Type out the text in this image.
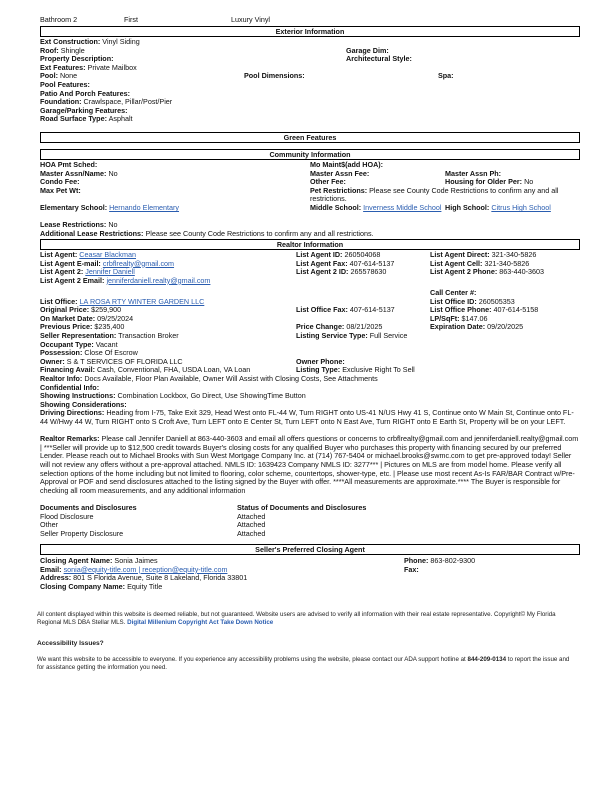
Bathroom 2	First	Luxury Vinyl
Exterior Information
Ext Construction: Vinyl Siding
Roof: Shingle	Garage Dim:
Property Description:	Architectural Style:
Ext Features: Private Mailbox
Pool: None	Pool Dimensions:	Spa:
Pool Features:
Patio And Porch Features:
Foundation: Crawlspace, Pillar/Post/Pier
Garage/Parking Features:
Road Surface Type: Asphalt
Green Features
Community Information
HOA Pmt Sched:	Mo Maint$(add HOA):
Master Assn/Name: No	Master Assn Fee:	Master Assn Ph:
Condo Fee:	Other Fee:	Housing for Older Per: No
Max Pet Wt:	Pet Restrictions: Please see County Code Restrictions to confirm any and all restrictions.
Elementary School: Hernando Elementary	Middle School: Inverness Middle School High School: Citrus High School
Lease Restrictions: No
Additional Lease Restrictions: Please see County Code Restrictions to confirm any and all restrictions.
Realtor Information
List Agent: Ceasar Blackman	List Agent ID: 260504068	List Agent Direct: 321-340-5826
List Agent E-mail: crbflrealty@gmail.com	List Agent Fax: 407-614-5137	List Agent Cell: 321-340-5826
List Agent 2: Jennifer Daniell	List Agent 2 ID: 265578630	List Agent 2 Phone: 863-440-3603
List Agent 2 Email: jenniferdaniell.realty@gmail.com
Call Center #:
List Office: LA ROSA RTY WINTER GARDEN LLC	List Office ID: 260505353
Original Price: $259,900	List Office Fax: 407-614-5137	List Office Phone: 407-614-5158
On Market Date: 09/25/2024	LP/SqFt: $147.06
Previous Price: $235,400	Price Change: 08/21/2025	Expiration Date: 09/20/2025
Seller Representation: Transaction Broker	Listing Service Type: Full Service
Occupant Type: Vacant
Possession: Close Of Escrow
Owner: S & T SERVICES OF FLORIDA LLC	Owner Phone:
Financing Avail: Cash, Conventional, FHA, USDA Loan, VA Loan	Listing Type: Exclusive Right To Sell
Realtor Info: Docs Available, Floor Plan Available, Owner Will Assist with Closing Costs, See Attachments
Confidential Info:
Showing Instructions: Combination Lockbox, Go Direct, Use ShowingTime Button
Showing Considerations:
Driving Directions: Heading from I-75, Take Exit 329, Head West onto FL-44 W, Turn RIGHT onto US-41 N/US Hwy 41 S, Continue onto W Main St, Continue onto FL-44 W/Hwy 44 W, Turn RIGHT onto S Croft Ave, Turn LEFT onto E Center St, Turn LEFT onto N East Ave, Turn RIGHT onto E Earth St, Property will be on your LEFT.
Realtor Remarks: Please call Jennifer Daniell at 863-440-3603 and email all offers questions or concerns to crbflrealty@gmail.com and jenniferdaniell.realty@gmail.com | ***Seller will provide up to $12,500 credit towards Buyer's closing costs for any qualified Buyer who purchases this property with financing secured by our preferred Lender. Please reach out to Michael Brooks with Sun West Mortgage Company Inc. at (714) 767-5404 or michael.brooks@swmc.com to get pre-approved today! Seller will not review any offers without a pre-approval attached. NMLS ID: 1639423 Company NMLS ID: 3277*** | Pictures on MLS are from model home. Please verify all selection options of the home including but not limited to flooring, color scheme, countertops, shower-type, etc. | Please use most recent As-Is FAR/BAR Contract w/Pre-Approval or POF and send disclosures attached to the listing signed by the Buyer with offer. ****All measurements are approximate.**** The Buyer is responsible for checking all room measurements, and any additional information
Documents and Disclosures	Status of Documents and Disclosures
Flood Disclosure	Attached
Other	Attached
Seller Property Disclosure	Attached
Seller's Preferred Closing Agent
Closing Agent Name: Sonia Jaimes	Phone: 863-802-9300
Email: sonia@equity-title.com | reception@equity-title.com	Fax:
Address: 801 S Florida Avenue, Suite 8 Lakeland, Florida 33801
Closing Company Name: Equity Title
All content displayed within this website is deemed reliable, but not guaranteed. Website users are advised to verify all information with their real estate representative. Copyright© My Florida Regional MLS DBA Stellar MLS. Digital Millenium Copyright Act Take Down Notice
Accessibility Issues?
We want this website to be accessible to everyone. If you experience any accessibility problems using the website, please contact our ADA support hotline at 844-209-0134 to report the issue and for assistance getting the information you need.
